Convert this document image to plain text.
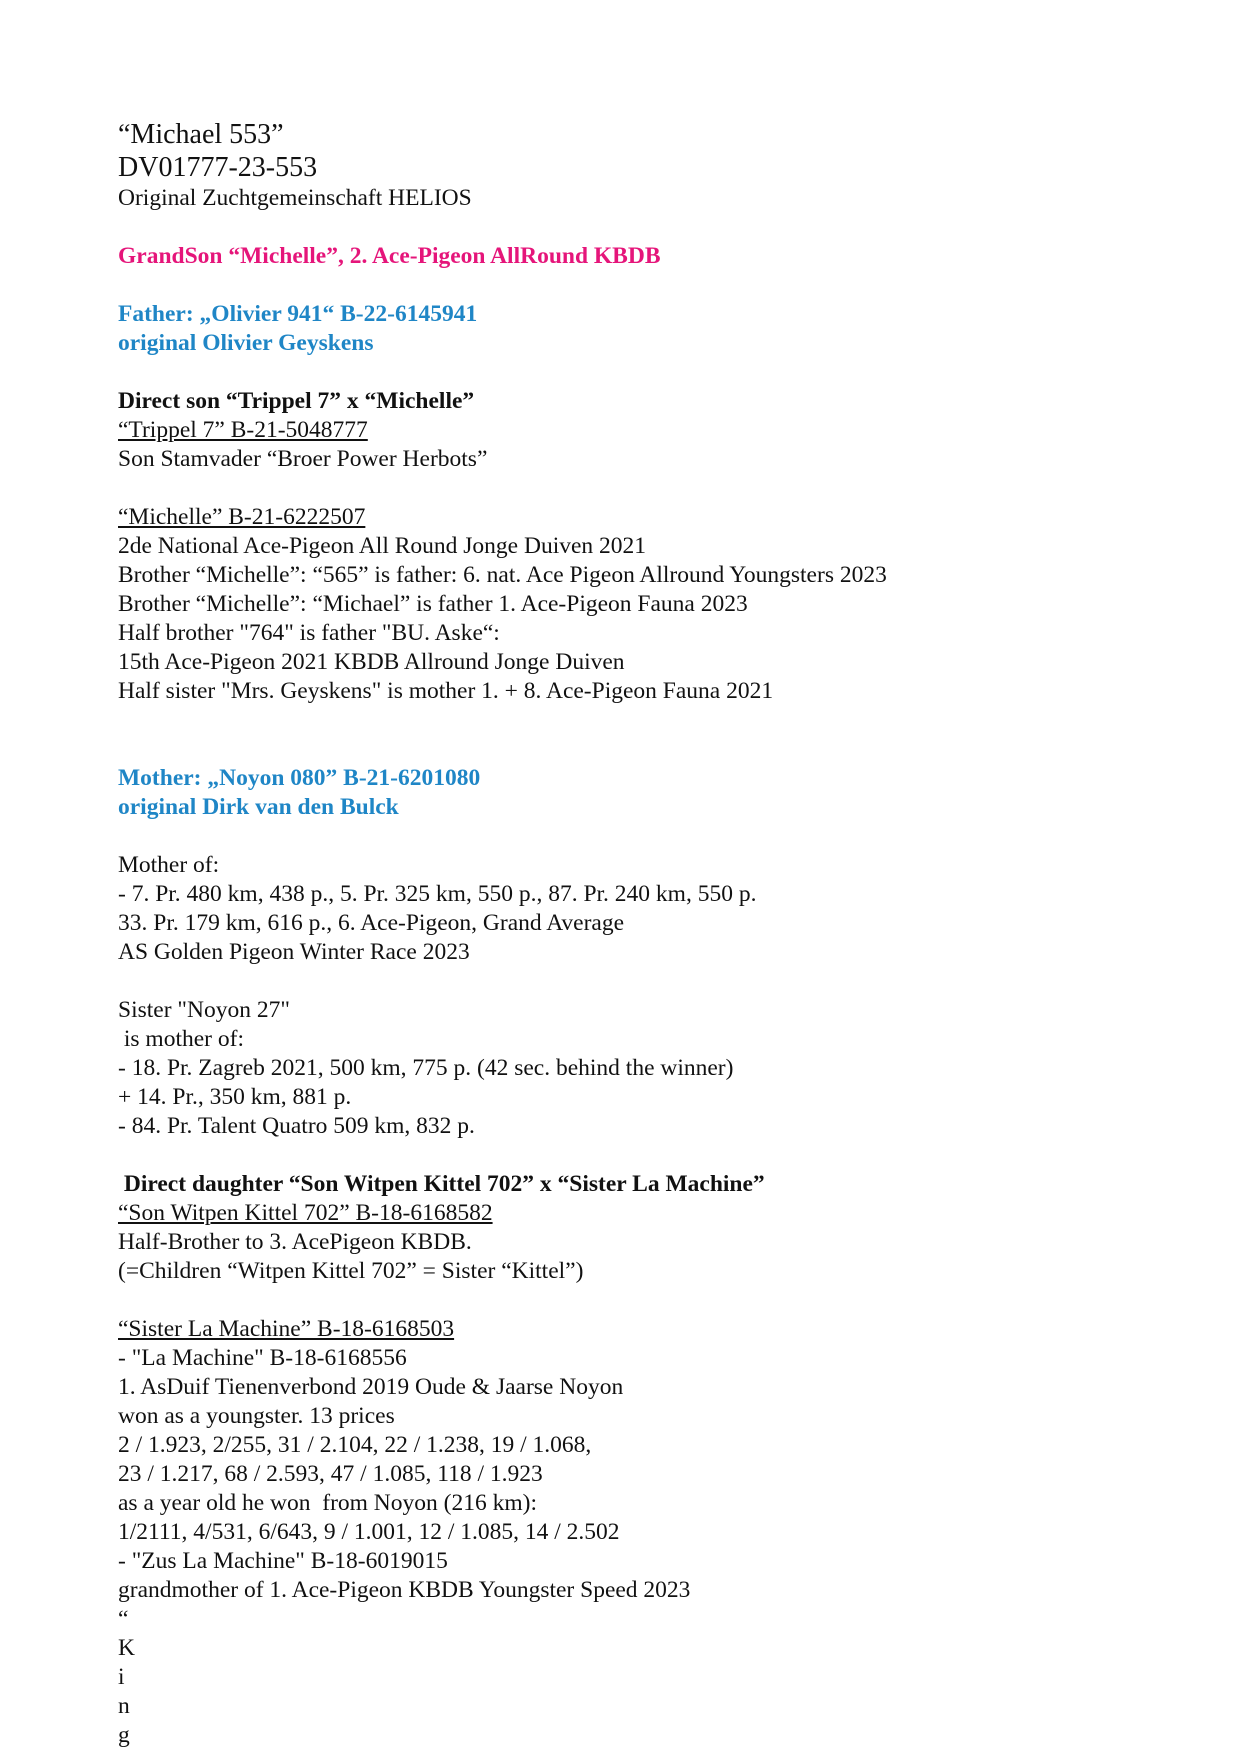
“Michael 553”

DV01777-23-553

Original Zuchtgemeinschaft HELIOS

GrandSon “Michelle”, 2. Ace-Pigeon AllRound KBDB

Father: „Olivier 941“ B-22-6145941

original Olivier Geyskens

Direct son “Trippel 7” x “Michelle”

“Trippel 7” B-21-5048777

Son Stamvader “Broer Power Herbots”

“Michelle” B-21-6222507

2de National Ace-Pigeon All Round Jonge Duiven 2021

Brother “Michelle”: “565” is father: 6. nat. Ace Pigeon Allround Youngsters 2023

Brother “Michelle”: “Michael” is father 1. Ace-Pigeon Fauna 2023

Half brother "764" is father "BU. Aske“:

15th Ace-Pigeon 2021 KBDB Allround Jonge Duiven

Half sister "Mrs. Geyskens" is mother 1. + 8. Ace-Pigeon Fauna 2021

Mother: „Noyon 080” B-21-6201080

original Dirk van den Bulck

Mother of:

- 7. Pr. 480 km, 438 p., 5. Pr. 325 km, 550 p., 87. Pr. 240 km, 550 p.

33. Pr. 179 km, 616 p., 6. Ace-Pigeon, Grand Average

AS Golden Pigeon Winter Race 2023

Sister "Noyon 27"

is mother of:

- 18. Pr. Zagreb 2021, 500 km, 775 p. (42 sec. behind the winner)

+ 14. Pr., 350 km, 881 p.

- 84. Pr. Talent Quatro 509 km, 832 p.

Direct daughter “Son Witpen Kittel 702” x “Sister La Machine”

“Son Witpen Kittel 702” B-18-6168582

Half-Brother to 3. AcePigeon KBDB.

(=Children “Witpen Kittel 702” = Sister “Kittel”)

“Sister La Machine” B-18-6168503

- "La Machine" B-18-6168556

1. AsDuif Tienenverbond 2019 Oude & Jaarse Noyon

won as a youngster. 13 prices

2 / 1.923, 2/255, 31 / 2.104, 22 / 1.238, 19 / 1.068,

23 / 1.217, 68 / 2.593, 47 / 1.085, 118 / 1.923

as a year old he won  from Noyon (216 km):

1/2111, 4/531, 6/643, 9 / 1.001, 12 / 1.085, 14 / 2.502

- "Zus La Machine" B-18-6019015

grandmother of 1. Ace-Pigeon KBDB Youngster Speed 2023

“

K

i

n

g
